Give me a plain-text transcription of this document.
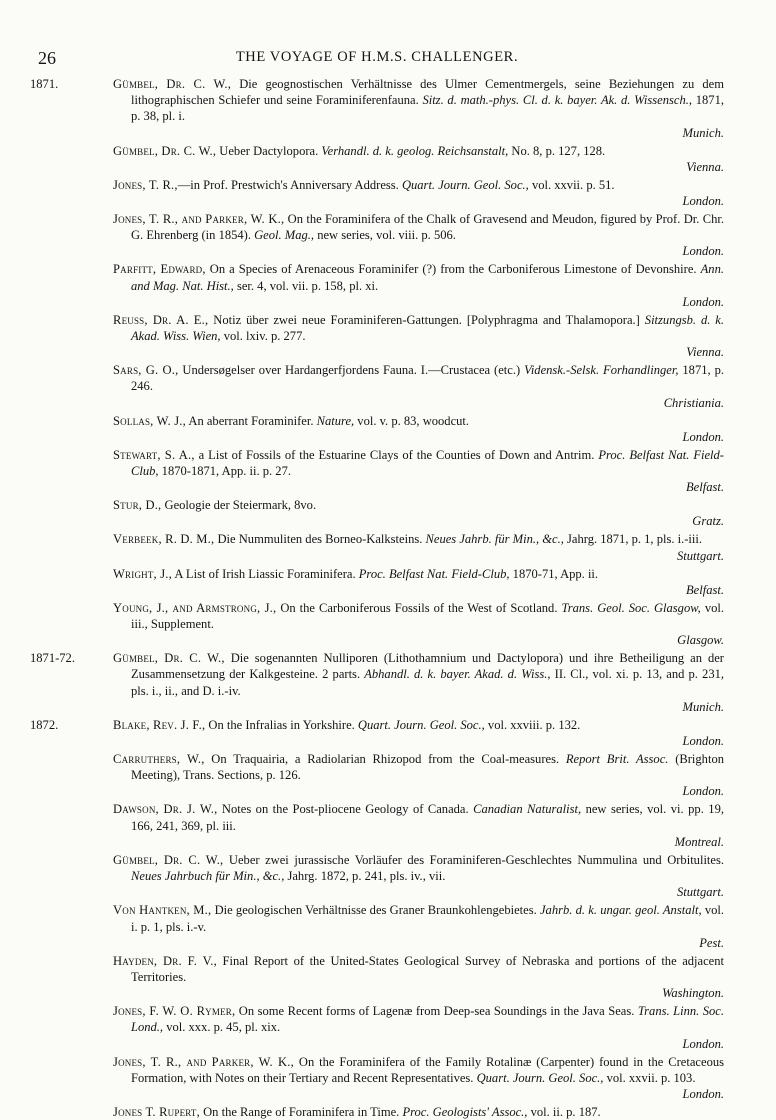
26	THE VOYAGE OF H.M.S. CHALLENGER.
1871.	Gümbel, Dr. C. W., Die geognostischen Verhältnisse des Ulmer Cementmergels, seine Beziehungen zu dem lithographischen Schiefer und seine Foraminiferenfauna. Sitz. d. math.-phys. Cl. d. k. bayer. Ak. d. Wissensch., 1871, p. 38, pl. i.
Munich.
Gümbel, Dr. C. W., Ueber Dactylopora. Verhandl. d. k. geolog. Reichsanstalt, No. 8, p. 127, 128.
Vienna.
Jones, T. R.,—in Prof. Prestwich's Anniversary Address. Quart. Journ. Geol. Soc., vol. xxvii. p. 51.
London.
Jones, T. R., and Parker, W. K., On the Foraminifera of the Chalk of Gravesend and Meudon, figured by Prof. Dr. Chr. G. Ehrenberg (in 1854). Geol. Mag., new series, vol. viii. p. 506.
London.
Parfitt, Edward, On a Species of Arenaceous Foraminifer (?) from the Carboniferous Limestone of Devonshire. Ann. and Mag. Nat. Hist., ser. 4, vol. vii. p. 158, pl. xi.
London.
Reuss, Dr. A. E., Notiz über zwei neue Foraminiferen-Gattungen. [Polyphragma and Thalamopora.] Sitzungsb. d. k. Akad. Wiss. Wien, vol. lxiv. p. 277.
Vienna.
Sars, G. O., Undersøgelser over Hardangerfjordens Fauna. I.—Crustacea (etc.) Vidensk.-Selsk. Forhandlinger, 1871, p. 246.
Christiania.
Sollas, W. J., An aberrant Foraminifer. Nature, vol. v. p. 83, woodcut.
London.
Stewart, S. A., a List of Fossils of the Estuarine Clays of the Counties of Down and Antrim. Proc. Belfast Nat. Field-Club, 1870-1871, App. ii. p. 27.
Belfast.
Stur, D., Geologie der Steiermark, 8vo.
Gratz.
Verbeek, R. D. M., Die Nummuliten des Borneo-Kalksteins. Neues Jahrb. für Min., &c., Jahrg. 1871, p. 1, pls. i.-iii.
Stuttgart.
Wright, J., A List of Irish Liassic Foraminifera. Proc. Belfast Nat. Field-Club, 1870-71, App. ii.
Belfast.
Young, J., and Armstrong, J., On the Carboniferous Fossils of the West of Scotland. Trans. Geol. Soc. Glasgow, vol. iii., Supplement.
Glasgow.
1871-72.	Gümbel, Dr. C. W., Die sogenannten Nulliporen (Lithothamnium und Dactylopora) und ihre Betheiligung an der Zusammensetzung der Kalkgesteine. 2 parts. Abhandl. d. k. bayer. Akad. d. Wiss., II. Cl., vol. xi. p. 13, and p. 231, pls. i., ii., and D. i.-iv.
Munich.
1872.	Blake, Rev. J. F., On the Infralias in Yorkshire. Quart. Journ. Geol. Soc., vol. xxviii. p. 132.
London.
Carruthers, W., On Traquairia, a Radiolarian Rhizopod from the Coal-measures. Report Brit. Assoc. (Brighton Meeting), Trans. Sections, p. 126.
London.
Dawson, Dr. J. W., Notes on the Post-pliocene Geology of Canada. Canadian Naturalist, new series, vol. vi. pp. 19, 166, 241, 369, pl. iii.
Montreal.
Gümbel, Dr. C. W., Ueber zwei jurassische Vorläufer des Foraminiferen-Geschlechtes Nummulina und Orbitulites. Neues Jahrbuch für Min., &c., Jahrg. 1872, p. 241, pls. iv., vii.
Stuttgart.
Von Hantken, M., Die geologischen Verhältnisse des Graner Braunkohlengebietes. Jahrb. d. k. ungar. geol. Anstalt, vol. i. p. 1, pls. i.-v.
Pest.
Hayden, Dr. F. V., Final Report of the United-States Geological Survey of Nebraska and portions of the adjacent Territories.
Washington.
Jones, F. W. O. Rymer, On some Recent forms of Lagenæ from Deep-sea Soundings in the Java Seas. Trans. Linn. Soc. Lond., vol. xxx. p. 45, pl. xix.
London.
Jones, T. R., and Parker, W. K., On the Foraminifera of the Family Rotalinæ (Carpenter) found in the Cretaceous Formation, with Notes on their Tertiary and Recent Representatives. Quart. Journ. Geol. Soc., vol. xxvii. p. 103.
London.
Jones T. Rupert, On the Range of Foraminifera in Time. Proc. Geologists' Assoc., vol. ii. p. 187.
